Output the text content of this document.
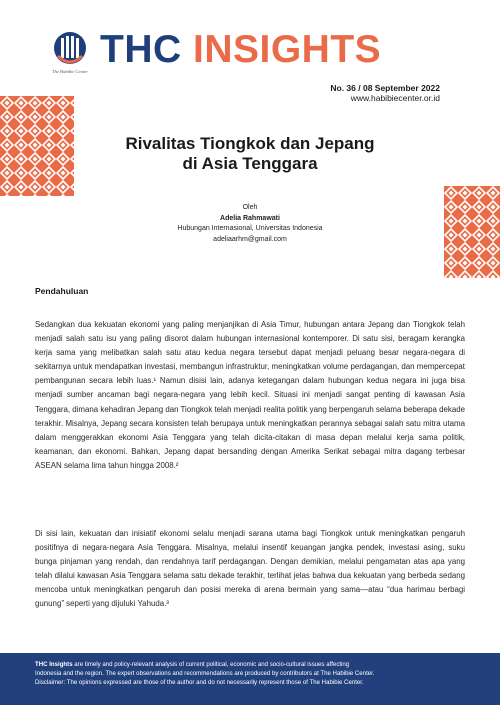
The Habibie Center
THC INSIGHTS
No. 36 / 08 September 2022
www.habibiecenter.or.id
Rivalitas Tiongkok dan Jepang
di Asia Tenggara
Oleh
Adelia Rahmawati
Hubungan Internasional, Universitas Indonesia
adeliaarhm@gmail.com
Pendahuluan
Sedangkan dua kekuatan ekonomi yang paling menjanjikan di Asia Timur, hubungan antara Jepang dan Tiongkok telah menjadi salah satu isu yang paling disorot dalam hubungan internasional kontemporer. Di satu sisi, beragam kerangka kerja sama yang melibatkan salah satu atau kedua negara tersebut dapat menjadi peluang besar negara-negara di sekitarnya untuk mendapatkan investasi, membangun infrastruktur, meningkatkan volume perdagangan, dan mempercepat pembangunan secara lebih luas.¹ Namun disisi lain, adanya ketegangan dalam hubungan kedua negara ini juga bisa menjadi sumber ancaman bagi negara-negara yang lebih kecil. Situasi ini menjadi sangat penting di kawasan Asia Tenggara, dimana kehadiran Jepang dan Tiongkok telah menjadi realita politik yang berpengaruh selama beberapa dekade terakhir. Misalnya, Jepang secara konsisten telah berupaya untuk meningkatkan perannya sebagai salah satu mitra utama dalam menggerakkan ekonomi Asia Tenggara yang telah dicita-citakan di masa depan melalui kerja sama politik, keamanan, dan ekonomi. Bahkan, Jepang dapat bersanding dengan Amerika Serikat sebagai mitra dagang terbesar ASEAN selama lima tahun hingga 2008.²
Di sisi lain, kekuatan dan inisiatif ekonomi selalu menjadi sarana utama bagi Tiongkok untuk meningkatkan pengaruh positifnya di negara-negara Asia Tenggara. Misalnya, melalui insentif keuangan jangka pendek, investasi asing, suku bunga pinjaman yang rendah, dan rendahnya tarif perdagangan. Dengan demikian, melalui pengamatan atas apa yang telah dilalui kawasan Asia Tenggara selama satu dekade terakhir, terlihat jelas bahwa dua kekuatan yang berbeda sedang mencoba untuk meningkatkan pengaruh dan posisi mereka di arena bermain yang sama—atau “dua harimau berbagi gunung” seperti yang dijuluki Yahuda.³
THC Insights are timely and policy-relevant analysis of current political, economic and socio-cultural issues affecting
Indonesia and the region. The expert observations and recommendations are produced by contributors at The Habibie Center.
Disclaimer: The opinions expressed are those of the author and do not necessarily represent those of The Habibie Center.
